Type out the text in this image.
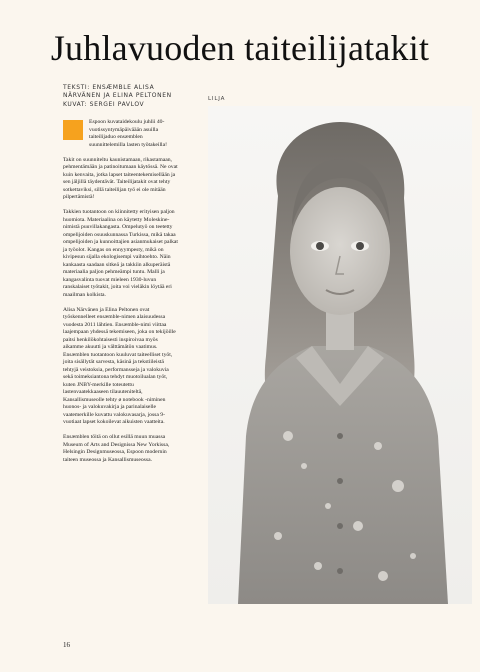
Juhlavuoden taiteilijatakit
TEKSTI: ENSÆMBLE ALISA
NÄRVÄNEN JA ELINA PELTONEN
KUVAT: SERGEI PAVLOV
LILJA

Espoon kuvataidekoulu juhlii 40-vuotissyntymäpäiväään asuilla taiteilijaduo ensæmblen suunnittelemilla lasten työtakeilla!

Takit on suunniteltu kaunistamaan, rikastamaan, pehmentämään ja patinoitumaan käytössä. Ne ovat kuin kenvaita, jotka lapset taiteentekemisellään ja sen jäljillä täydentävät. Taiteilijatakit ovat tehty sotkettaviksi, sillä taiteilijan työ ei ole mitään pilpertämistä!

Takkien tuotantoon on kiinnitetty erityisen paljon huomiota. Materiaalina on käytetty Moleskine-nimistä puuvillakangasta. Ompelutyö on teetetty ompelijoiden osuuskunnassa Turkissa, mikä takaa ompelijoiden ja kunnoittajien asianmukaiset palkat ja työolot. Kangas on ennyympesty, mikä on kivipesun sijalla ekologisempi vaihtoehto. Näin kankaasta saadaan sitkeä ja takkiin alkuperäistä materiaalia paljon pehmeämpi tuntu. Malli ja kangasvalinta tuovat mieleen 1930-luvun ranskalaiset työtakit, joita voi vieläkin löytää eri maailman kolkista.

Alisa Närvänen ja Elina Peltonen ovat työskennelleet ensæmble-nimen alaisuudessa vuodesta 2011 lähtien. Ensæmble-nimi viittaa laajempaan yhdessä tekemiseen, joka on tekijöille paitsi henkilökohtaisesti inspiroivaa myös aikamme akuutti ja välttämätön vaatimus. Ensæmblen tuotantoon kuuluvat taiteelliset työt, joita sisällytät sarvesta, käsinä ja tekstiileistä tehtyjä veistoksia, performansseja ja valokuvia sekä toimeksiantona tehdyt muotoilualan työt, kuten JNBY-merkille toteutettu lastenvaatekkaaseen tilauuteniteltä, Kansallismuseolle tehty ø notebook -niminen huonos- ja valokuvakirja ja parinalaiselle vaatemerkille kuvattu valokuvasarja, jossa 9-vuotiaat lapset kokoilevat aikuisten vaatteita.

Ensæmblen töitä on ollut esillä muun muassa Museum of Arts and Designissa New Yorkissa, Helsingin Designmuseossa, Espoon modernin taiteen museossa ja Kansallismuseossa.

16
